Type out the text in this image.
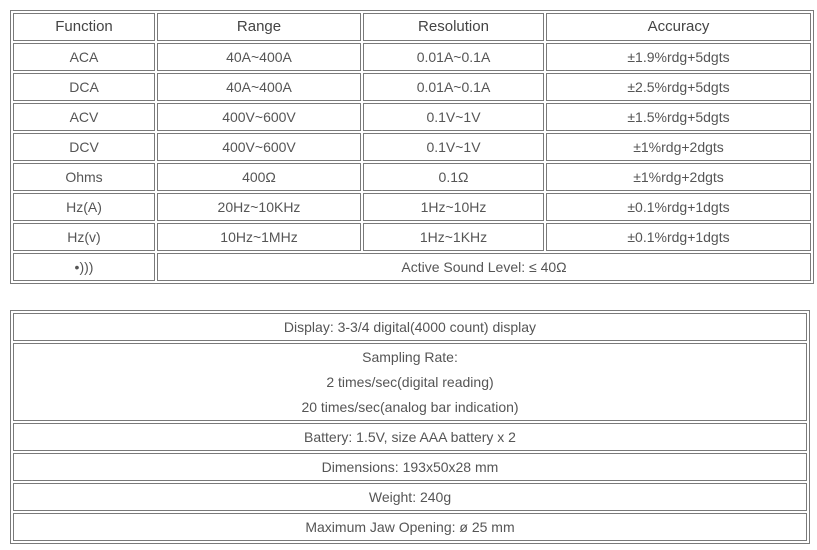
Function	Range	Resolution	Accuracy
ACA	40A~400A	0.01A~0.1A	±1.9%rdg+5dgts
DCA	40A~400A	0.01A~0.1A	±2.5%rdg+5dgts
ACV	400V~600V	0.1V~1V	±1.5%rdg+5dgts
DCV	400V~600V	0.1V~1V	±1%rdg+2dgts
Ohms	400Ω	0.1Ω	±1%rdg+2dgts
Hz(A)	20Hz~10KHz	1Hz~10Hz	±0.1%rdg+1dgts
Hz(v)	10Hz~1MHz	1Hz~1KHz	±0.1%rdg+1dgts
•)))	Active Sound Level: ≤ 40Ω		
Display: 3-3/4 digital(4000 count) display

Sampling Rate:
2 times/sec(digital reading)
20 times/sec(analog bar indication)

Battery: 1.5V, size AAA battery x 2
Dimensions: 193x50x28 mm
Weight: 240g
Maximum Jaw Opening: ø 25 mm
